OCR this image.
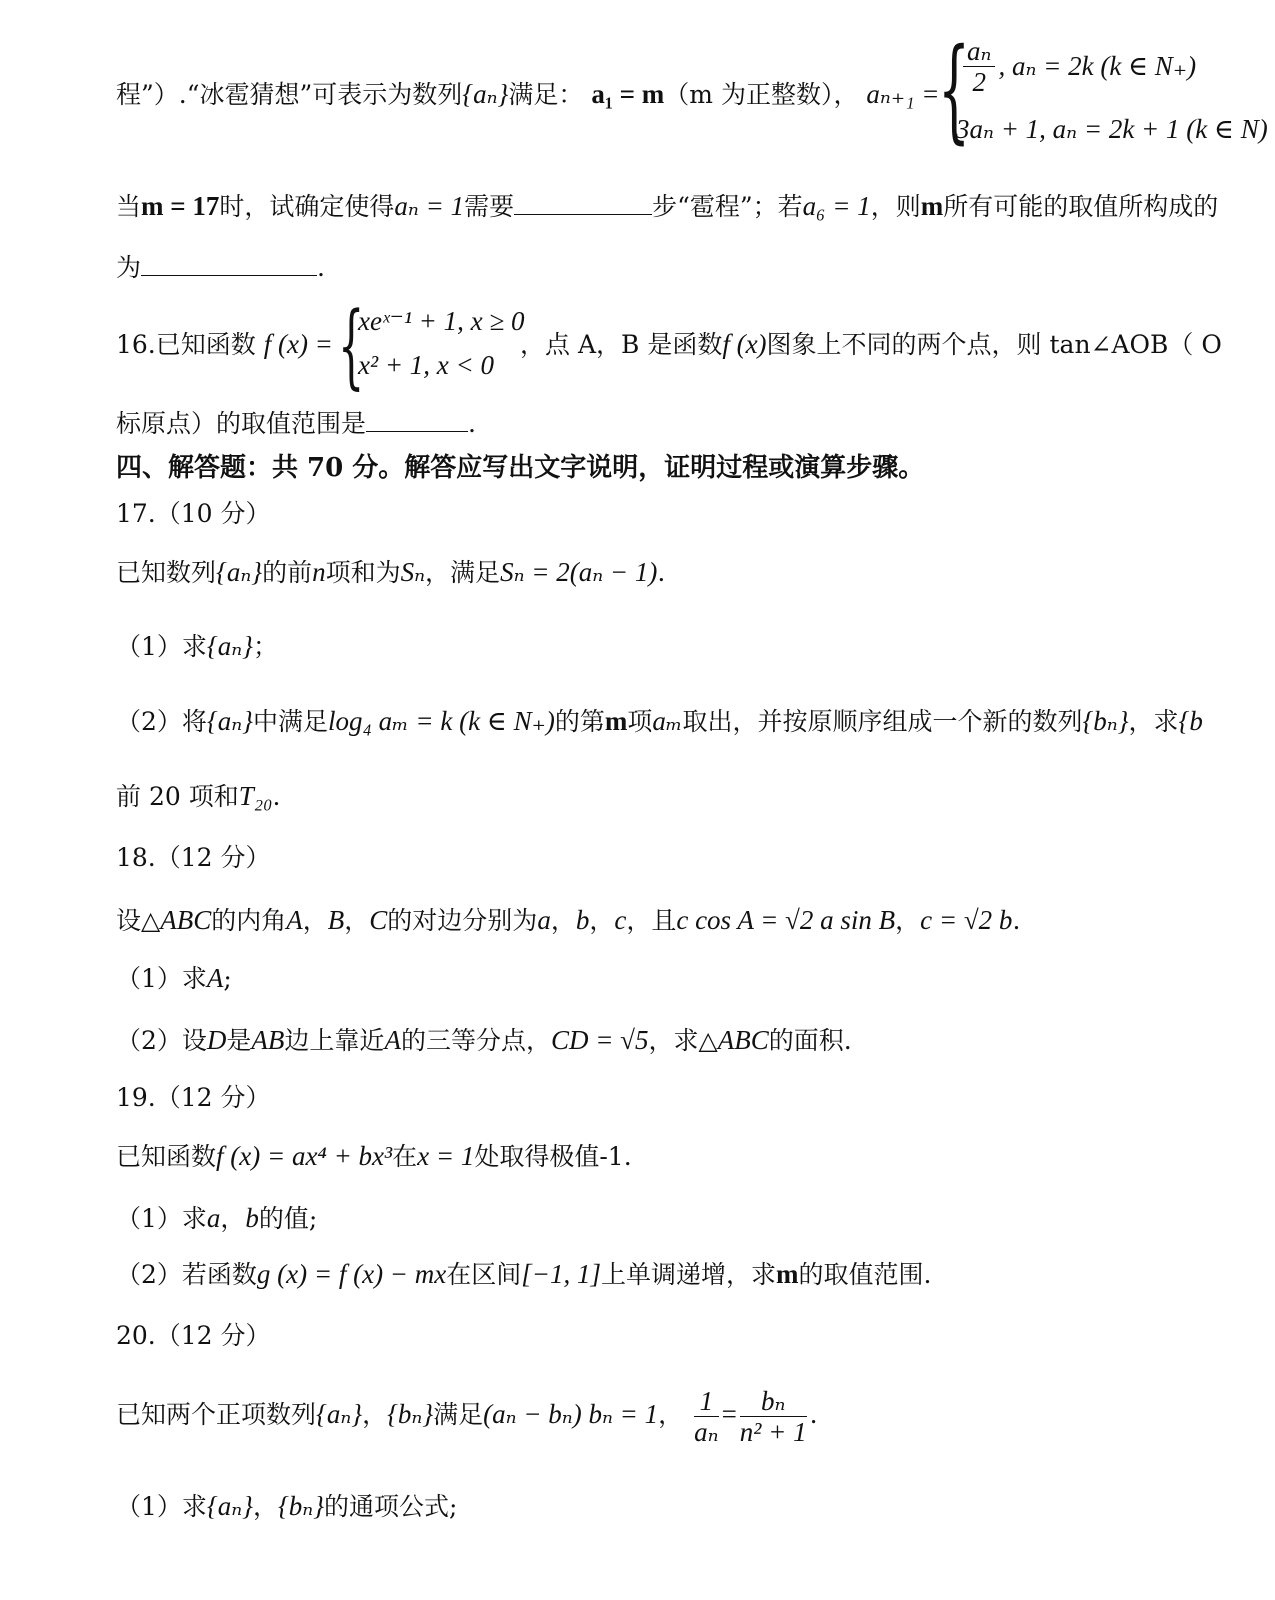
程”）.“冰雹猜想”可表示为数列{aₙ}满足： a₁ = m（m 为正整数）， aₙ₊₁ =
{
$\frac{\text{aₙ}}{2}$ , aₙ = 2k (k ∈ N₊)
3aₙ + 1, aₙ = 2k + 1 (k ∈ N)
当m = 17时，试确定使得aₙ = 1需要	步“雹程”；若a₆ = 1，则m所有可能的取值所构成的
为	.
16.已知函数 f (x) = {
xeˣ⁻¹ + 1, x ≥ 0
x² + 1, x < 0
，点 A，B 是函数f (x)图象上不同的两个点，则 tan∠AOB（ O
标原点）的取值范围是	.
四、解答题：共 70 分。解答应写出文字说明，证明过程或演算步骤。
17.（10 分）
已知数列{aₙ}的前n项和为Sₙ，满足Sₙ = 2(aₙ − 1).
（1）求{aₙ}；
（2）将{aₙ}中满足log₄ aₘ = k (k ∈ N₊)的第m项aₘ取出，并按原顺序组成一个新的数列{bₙ}，求{b
前 20 项和T₂₀.
18.（12 分）
设△ABC的内角A，B，C的对边分别为a，b，c，且c cos A = √2 a sin B，c = √2 b.
（1）求A;
（2）设D是AB边上靠近A的三等分点，CD = √5，求△ABC的面积.
19.（12 分）
已知函数f (x) = ax⁴ + bx³在x = 1处取得极值-1.
（1）求a，b的值;
（2）若函数g (x) = f (x) − mx在区间[−1, 1]上单调递增，求m的取值范围.
20.（12 分）
已知两个正项数列{aₙ}，{bₙ}满足(aₙ − bₙ) bₙ = 1， $\frac{1}{\text{aₙ}} = \frac{\text{bₙ}}{\text{n² + 1}}$ .
（1）求{aₙ}，{bₙ}的通项公式;
